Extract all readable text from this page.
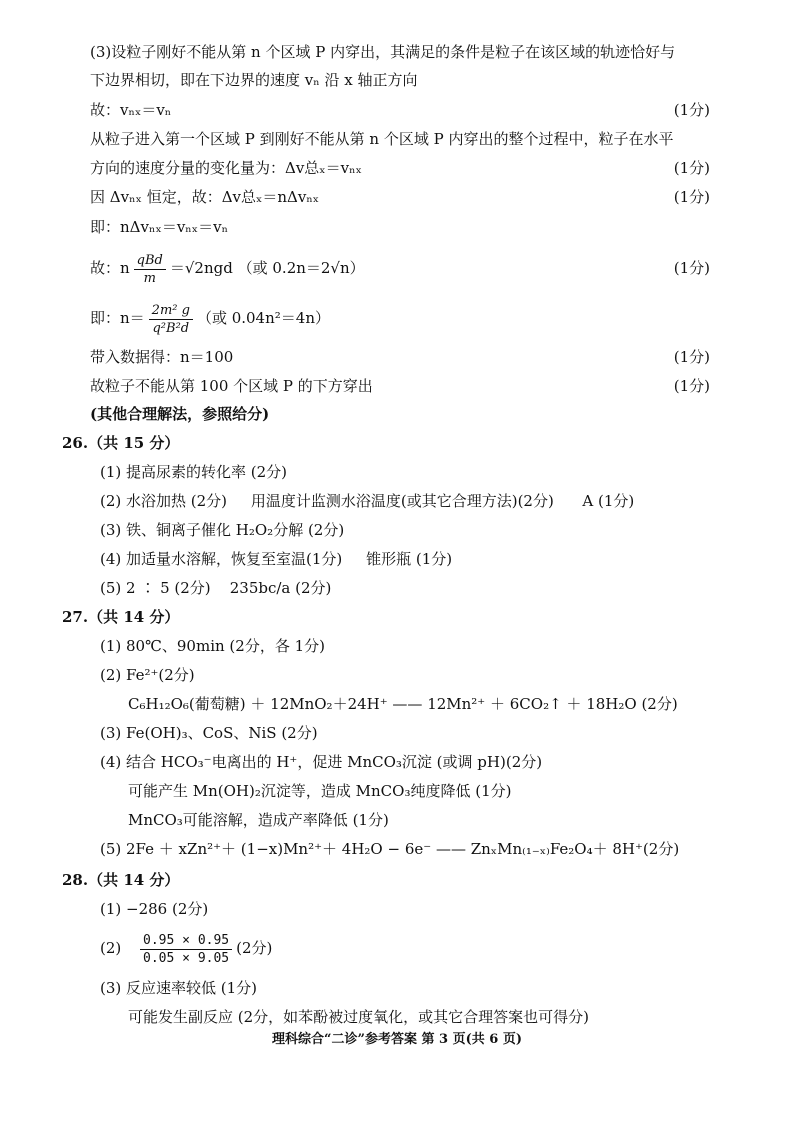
(3)设粒子刚好不能从第 n 个区域 P 内穿出，其满足的条件是粒子在该区域的轨迹恰好与
下边界相切，即在下边界的速度 vₙ 沿 x 轴正方向
故：vₙₓ＝vₙ	(1分)
从粒子进入第一个区域 P 到刚好不能从第 n 个区域 P 内穿出的整个过程中，粒子在水平
方向的速度分量的变化量为：Δv总ₓ＝vₙₓ	(1分)
因 Δvₙₓ 恒定，故：Δv总ₓ＝nΔvₙₓ	(1分)
即：nΔvₙₓ＝vₙₓ＝vₙ
故：n $\frac{\text{qBd}}{m} =√2ngd$ （或 0.2n＝2√n）	(1分)
即：$n= \frac{\text{2m² g}}{\text{q²B²d}}$ （或 0.04n²＝4n）
带入数据得：n＝100	(1分)
故粒子不能从第 100 个区域 P 的下方穿出	(1分)
(其他合理解法，参照给分)
26.（共 15 分）
(1) 提高尿素的转化率 (2分)
(2) 水浴加热 (2分)     用温度计监测水浴温度(或其它合理方法)(2分)      A (1分)
(3) 铁、铜离子催化 H₂O₂分解 (2分)
(4) 加适量水溶解，恢复至室温(1分)     锥形瓶 (1分)
(5) 2 ∶ 5 (2分)    235bc/a (2分)
27.（共 14 分）
(1) 80℃、90min (2分，各 1分)
(2) Fe²⁺(2分)
C₆H₁₂O₆(葡萄糖) ＋ 12MnO₂＋24H⁺ —— 12Mn²⁺ ＋ 6CO₂↑ ＋ 18H₂O (2分)
(3) Fe(OH)₃、CoS、NiS (2分)
(4) 结合 HCO₃⁻电离出的 H⁺，促进 MnCO₃沉淀 (或调 pH)(2分)
可能产生 Mn(OH)₂沉淀等，造成 MnCO₃纯度降低 (1分)
MnCO₃可能溶解，造成产率降低 (1分)
(5) 2Fe ＋ xZn²⁺＋ (1−x)Mn²⁺＋ 4H₂O − 6e⁻ —— ZnₓMn₍₁₋ₓ₎Fe₂O₄＋ 8H⁺(2分)
28.（共 14 分）
(1) −286 (2分)
$(2) \frac{0.95 \times 0.95}{0.05 \times 9.05} (2$分)
(3) 反应速率较低 (1分)
可能发生副反应 (2分，如苯酚被过度氧化，或其它合理答案也可得分)
理科综合“二诊”参考答案 第 3 页(共 6 页)
